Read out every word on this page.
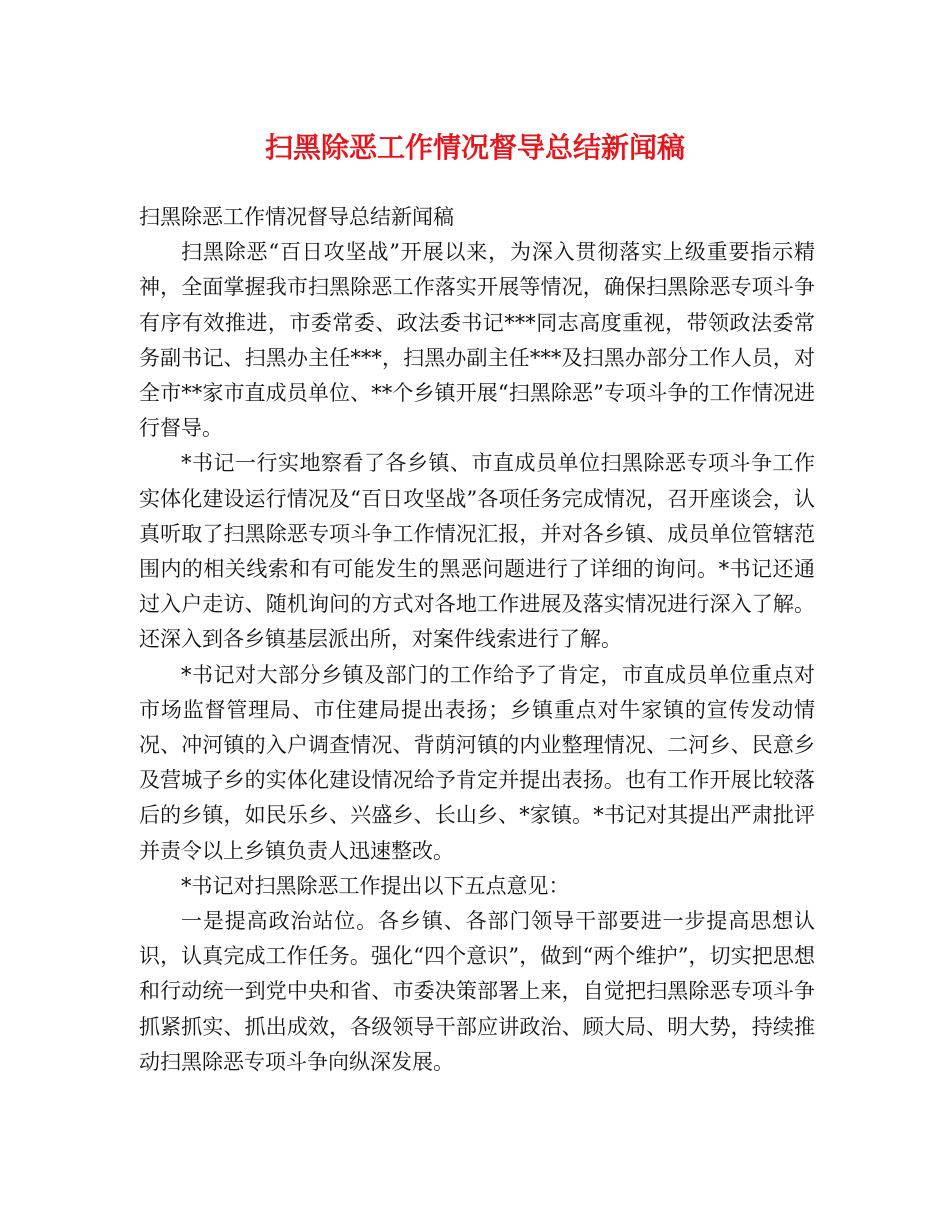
扫黑除恶工作情况督导总结新闻稿

扫黑除恶工作情况督导总结新闻稿

扫黑除恶“百日攻坚战”开展以来，为深入贯彻落实上级重要指示精神，全面掌握我市扫黑除恶工作落实开展等情况，确保扫黑除恶专项斗争有序有效推进，市委常委、政法委书记***同志高度重视，带领政法委常务副书记、扫黑办主任***，扫黑办副主任***及扫黑办部分工作人员，对全市**家市直成员单位、**个乡镇开展“扫黑除恶”专项斗争的工作情况进行督导。

*书记一行实地察看了各乡镇、市直成员单位扫黑除恶专项斗争工作实体化建设运行情况及“百日攻坚战”各项任务完成情况，召开座谈会，认真听取了扫黑除恶专项斗争工作情况汇报，并对各乡镇、成员单位管辖范围内的相关线索和有可能发生的黑恶问题进行了详细的询问。*书记还通过入户走访、随机询问的方式对各地工作进展及落实情况进行深入了解。还深入到各乡镇基层派出所，对案件线索进行了解。

*书记对大部分乡镇及部门的工作给予了肯定，市直成员单位重点对市场监督管理局、市住建局提出表扬；乡镇重点对牛家镇的宣传发动情况、冲河镇的入户调查情况、背荫河镇的内业整理情况、二河乡、民意乡及营城子乡的实体化建设情况给予肯定并提出表扬。也有工作开展比较落后的乡镇，如民乐乡、兴盛乡、长山乡、*家镇。*书记对其提出严肃批评并责令以上乡镇负责人迅速整改。

*书记对扫黑除恶工作提出以下五点意见：

一是提高政治站位。各乡镇、各部门领导干部要进一步提高思想认识，认真完成工作任务。强化“四个意识”，做到“两个维护”，切实把思想和行动统一到党中央和省、市委决策部署上来，自觉把扫黑除恶专项斗争抓紧抓实、抓出成效，各级领导干部应讲政治、顾大局、明大势，持续推动扫黑除恶专项斗争向纵深发展。
